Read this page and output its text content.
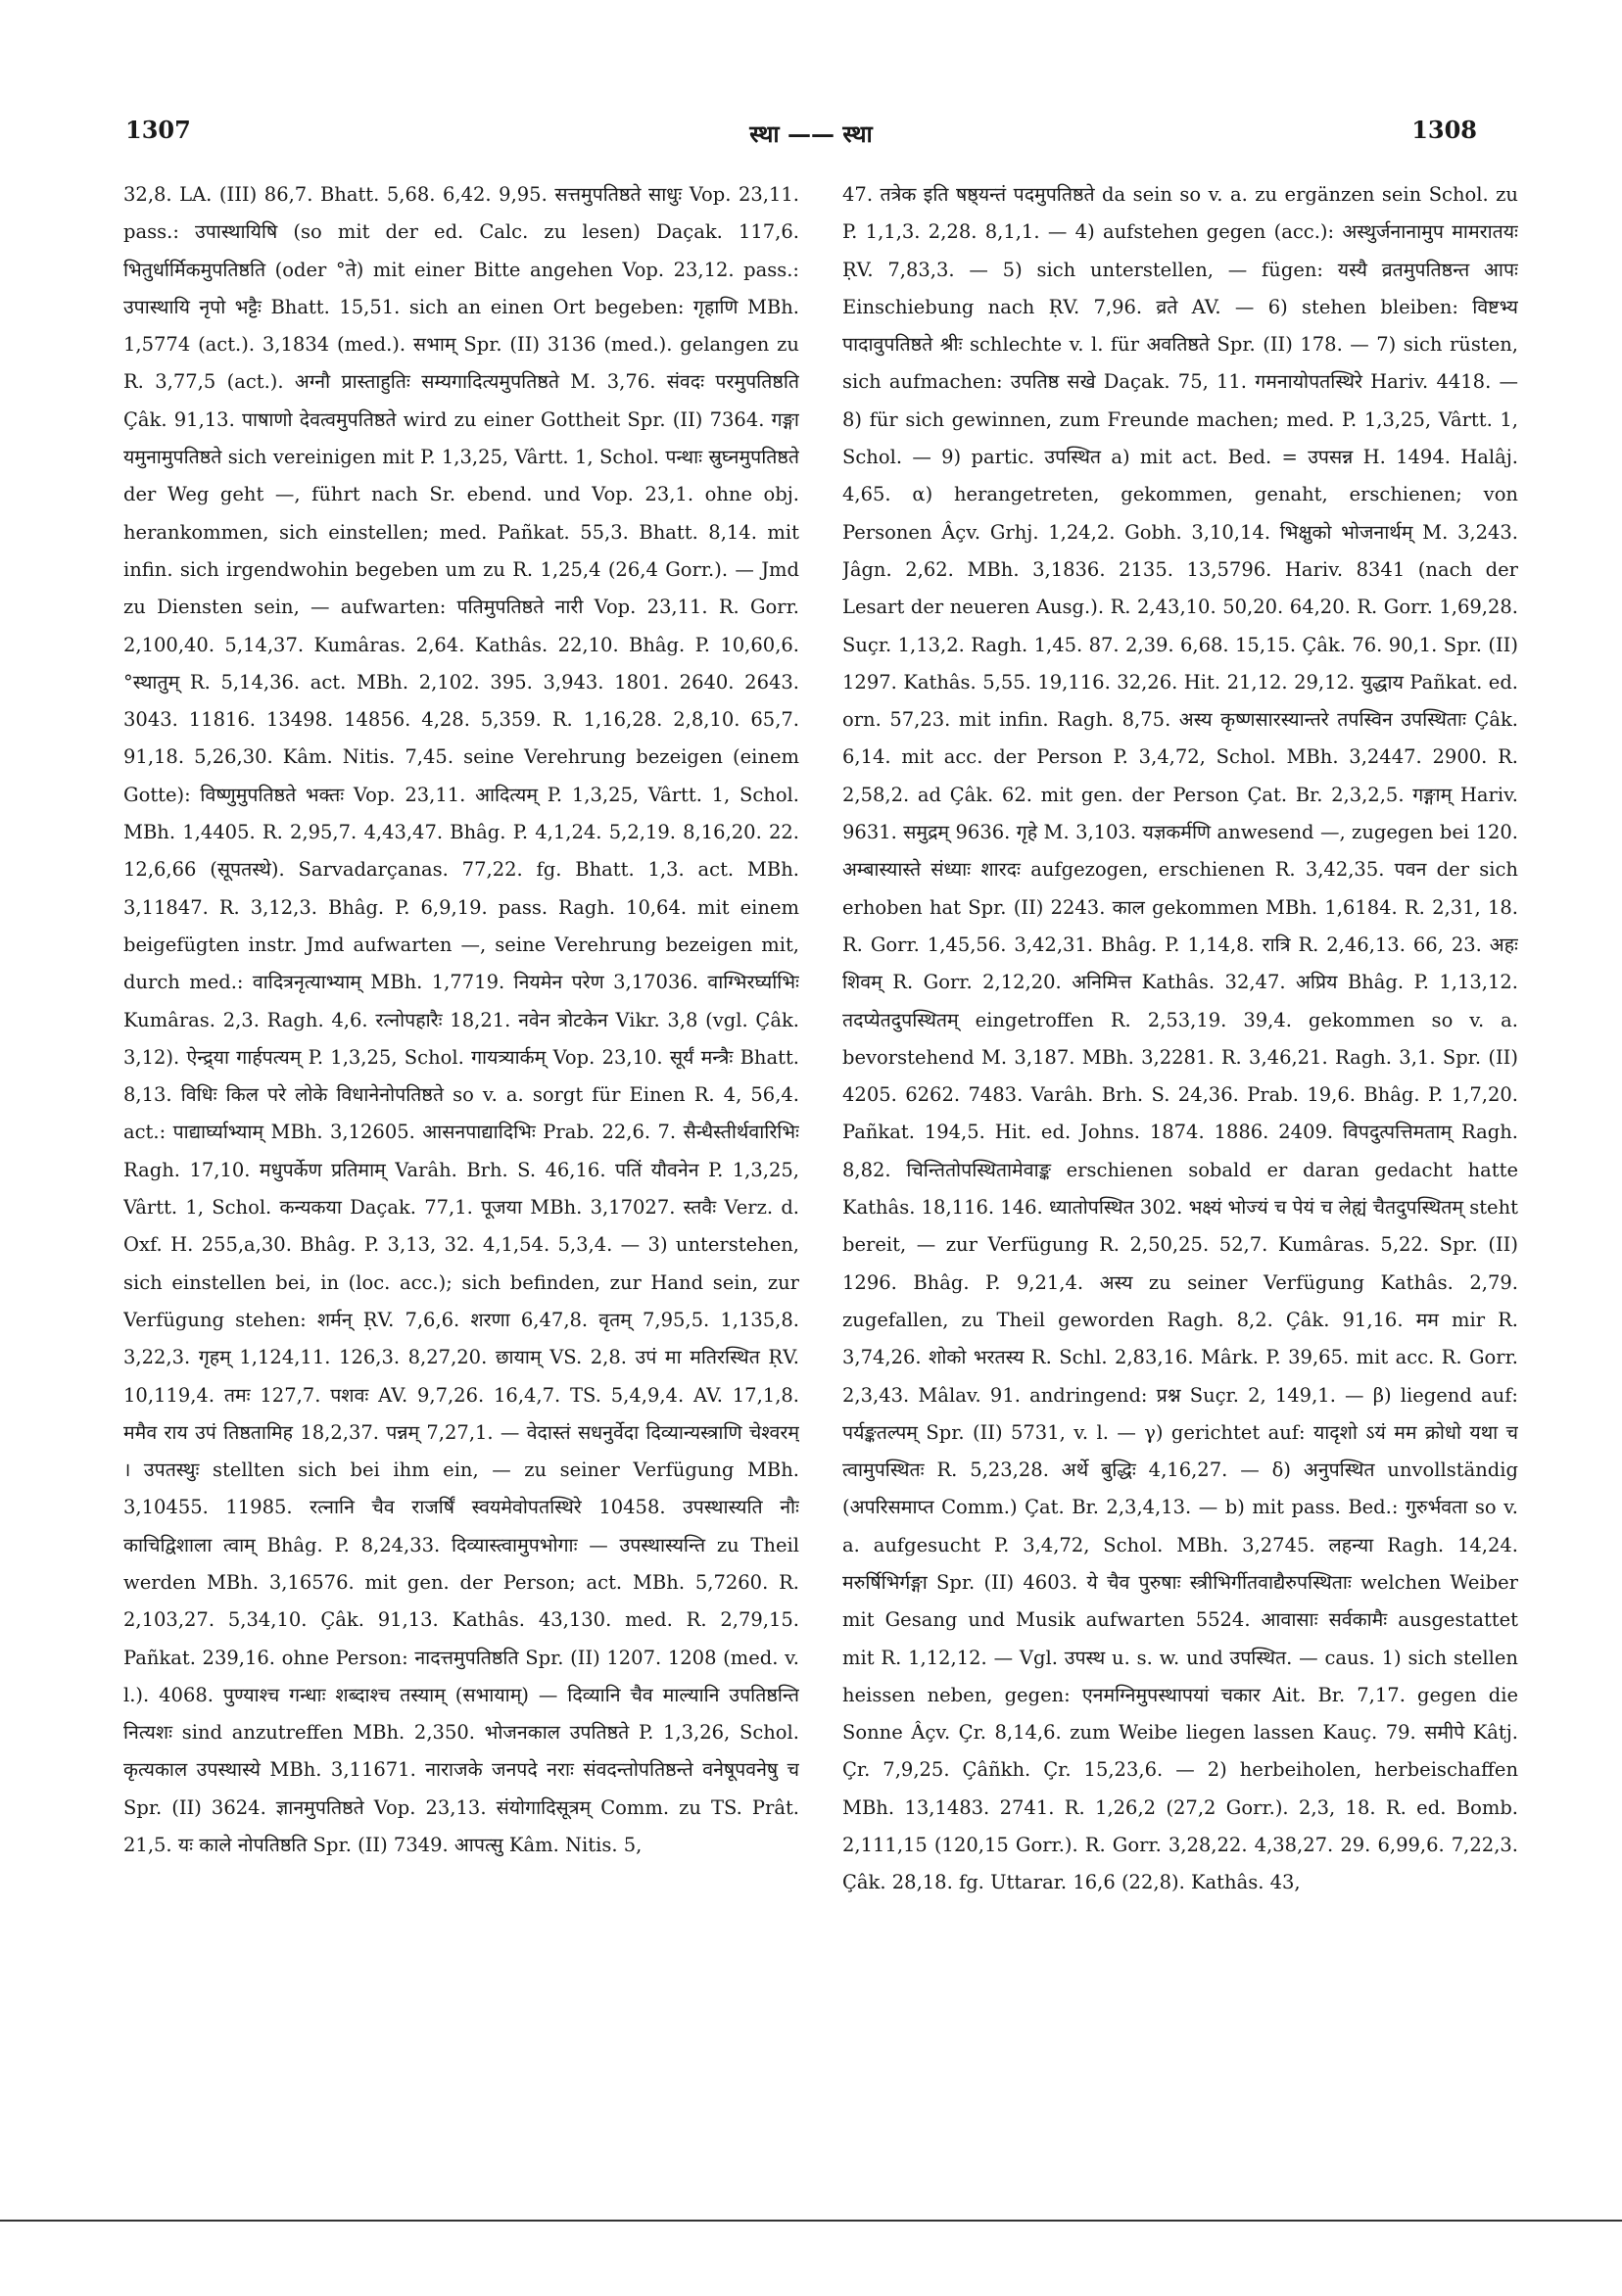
1307	स्था —— स्था	1308

32,8. LA. (III) 86,7. Bhatt. 5,68. 6,42. 9,95. सत्तमुपतिष्ठते साधुः Vop. 23,11. pass.: उपास्थायिषि (so mit der ed. Calc. zu lesen) Daçak. 117,6. भितुर्धार्मिकमुपतिष्ठति (oder °ते) mit einer Bitte angehen Vop. 23,12. pass.: उपास्थायि नृपो भट्टैः Bhatt. 15,51. sich an einen Ort begeben: गृहाणि MBh. 1,5774 (act.). 3,1834 (med.). सभाम् Spr. (II) 3136 (med.). gelangen zu R. 3,77,5 (act.). अग्नौ प्रास्ताहुतिः सम्यगादित्यमुपतिष्ठते M. 3,76. संवदः परमुपतिष्ठति Çâk. 91,13. पाषाणो देवत्वमुपतिष्ठते wird zu einer Gottheit Spr. (II) 7364. गङ्गा यमुनामुपतिष्ठते sich vereinigen mit P. 1,3,25, Vârtt. 1, Schol. पन्थाः स्रुघ्नमुपतिष्ठते der Weg geht —, führt nach Sr. ebend. und Vop. 23,1. ohne obj. herankommen, sich einstellen; med. Pañkat. 55,3. Bhatt. 8,14. mit infin. sich irgendwohin begeben um zu R. 1,25,4 (26,4 Gorr.). — Jmd zu Diensten sein, — aufwarten: पतिमुपतिष्ठते नारी Vop. 23,11. R. Gorr. 2,100,40. 5,14,37. Kumâras. 2,64. Kathâs. 22,10. Bhâg. P. 10,60,6. °स्थातुम् R. 5,14,36. act. MBh. 2,102. 395. 3,943. 1801. 2640. 2643. 3043. 11816. 13498. 14856. 4,28. 5,359. R. 1,16,28. 2,8,10. 65,7. 91,18. 5,26,30. Kâm. Nitis. 7,45. seine Verehrung bezeigen (einem Gotte): विष्णुमुपतिष्ठते भक्तः Vop. 23,11. आदित्यम् P. 1,3,25, Vârtt. 1, Schol. MBh. 1,4405. R. 2,95,7. 4,43,47. Bhâg. P. 4,1,24. 5,2,19. 8,16,20. 22. 12,6,66 (सूपतस्थे). Sarvadarçanas. 77,22. fg. Bhatt. 1,3. act. MBh. 3,11847. R. 3,12,3. Bhâg. P. 6,9,19. pass. Ragh. 10,64. mit einem beigefügten instr. Jmd aufwarten —, seine Verehrung bezeigen mit, durch med.: वादित्रनृत्याभ्याम् MBh. 1,7719. नियमेन परेण 3,17036. वाग्भिरर्घ्याभिः Kumâras. 2,3. Ragh. 4,6. रत्नोपहारैः 18,21. नवेन त्रोटकेन Vikr. 3,8 (vgl. Çâk. 3,12). ऐन्द्र्या गार्हपत्यम् P. 1,3,25, Schol. गायत्र्यार्कम् Vop. 23,10. सूर्यं मन्त्रैः Bhatt. 8,13. विधिः किल परे लोके विधानेनोपतिष्ठते so v. a. sorgt für Einen R. 4, 56,4. act.: पाद्यार्घ्याभ्याम् MBh. 3,12605. आसनपाद्यादिभिः Prab. 22,6. 7. सैन्धैस्तीर्थवारिभिः Ragh. 17,10. मधुपर्केण प्रतिमाम् Varâh. Brh. S. 46,16. पतिं यौवनेन P. 1,3,25, Vârtt. 1, Schol. कन्यकया Daçak. 77,1. पूजया MBh. 3,17027. स्तवैः Verz. d. Oxf. H. 255,a,30. Bhâg. P. 3,13, 32. 4,1,54. 5,3,4. — 3) unterstehen, sich einstellen bei, in (loc. acc.); sich befinden, zur Hand sein, zur Verfügung stehen: शर्मन् ṚV. 7,6,6. शरणा 6,47,8. वृतम् 7,95,5. 1,135,8. 3,22,3. गृहम् 1,124,11. 126,3. 8,27,20. छायाम् VS. 2,8. उपं मा मतिरस्थित ṚV. 10,119,4. तमः 127,7. पशवः AV. 9,7,26. 16,4,7. TS. 5,4,9,4. AV. 17,1,8. ममैव राय उपं तिष्ठतामिह 18,2,37. पन्नम् 7,27,1. — वेदास्तं सधनुर्वेदा दिव्यान्यस्त्राणि चेश्वरम् । उपतस्थुः stellten sich bei ihm ein, — zu seiner Verfügung MBh. 3,10455. 11985. रत्नानि चैव राजर्षिं स्वयमेवोपतस्थिरे 10458. उपस्थास्यति नौः काचिद्विशाला त्वाम् Bhâg. P. 8,24,33. दिव्यास्त्वामुपभोगाः — उपस्थास्यन्ति zu Theil werden MBh. 3,16576. mit gen. der Person; act. MBh. 5,7260. R. 2,103,27. 5,34,10. Çâk. 91,13. Kathâs. 43,130. med. R. 2,79,15. Pañkat. 239,16. ohne Person: नादत्तमुपतिष्ठति Spr. (II) 1207. 1208 (med. v. l.). 4068. पुण्याश्च गन्धाः शब्दाश्च तस्याम् (सभायाम्) — दिव्यानि चैव माल्यानि उपतिष्ठन्ति नित्यशः sind anzutreffen MBh. 2,350. भोजनकाल उपतिष्ठते P. 1,3,26, Schol. कृत्यकाल उपस्थास्ये MBh. 3,11671. नाराजके जनपदे नराः संवदन्तोपतिष्ठन्ते वनेषूपवनेषु च Spr. (II) 3624. ज्ञानमुपतिष्ठते Vop. 23,13. संयोगादिसूत्रम् Comm. zu TS. Prât. 21,5. यः काले नोपतिष्ठति Spr. (II) 7349. आपत्सु Kâm. Nitis. 5,

47. तत्रेक इति षष्ठ्यन्तं पदमुपतिष्ठते da sein so v. a. zu ergänzen sein Schol. zu P. 1,1,3. 2,28. 8,1,1. — 4) aufstehen gegen (acc.): अस्थुर्जनानामुप मामरातयः ṚV. 7,83,3. — 5) sich unterstellen, — fügen: यस्यै व्रतमुपतिष्ठन्त आपः Einschiebung nach ṚV. 7,96. व्रते AV. — 6) stehen bleiben: विष्टभ्य पादावुपतिष्ठते श्रीः schlechte v. l. für अवतिष्ठते Spr. (II) 178. — 7) sich rüsten, sich aufmachen: उपतिष्ठ सखे Daçak. 75, 11. गमनायोपतस्थिरे Hariv. 4418. — 8) für sich gewinnen, zum Freunde machen; med. P. 1,3,25, Vârtt. 1, Schol. — 9) partic. उपस्थित a) mit act. Bed. = उपसन्न H. 1494. Halâj. 4,65. α) herangetreten, gekommen, genaht, erschienen; von Personen Âçv. Grhj. 1,24,2. Gobh. 3,10,14. भिक्षुको भोजनार्थम् M. 3,243. Jâgn. 2,62. MBh. 3,1836. 2135. 13,5796. Hariv. 8341 (nach der Lesart der neueren Ausg.). R. 2,43,10. 50,20. 64,20. R. Gorr. 1,69,28. Suçr. 1,13,2. Ragh. 1,45. 87. 2,39. 6,68. 15,15. Çâk. 76. 90,1. Spr. (II) 1297. Kathâs. 5,55. 19,116. 32,26. Hit. 21,12. 29,12. युद्धाय Pañkat. ed. orn. 57,23. mit infin. Ragh. 8,75. अस्य कृष्णसारस्यान्तरे तपस्विन उपस्थिताः Çâk. 6,14. mit acc. der Person P. 3,4,72, Schol. MBh. 3,2447. 2900. R. 2,58,2. ad Çâk. 62. mit gen. der Person Çat. Br. 2,3,2,5. गङ्गाम् Hariv. 9631. समुद्रम् 9636. गृहे M. 3,103. यज्ञकर्मणि anwesend —, zugegen bei 120. अम्बास्यास्ते संध्याः शारदः aufgezogen, erschienen R. 3,42,35. पवन der sich erhoben hat Spr. (II) 2243. काल gekommen MBh. 1,6184. R. 2,31, 18. R. Gorr. 1,45,56. 3,42,31. Bhâg. P. 1,14,8. रात्रि R. 2,46,13. 66, 23. अहः शिवम् R. Gorr. 2,12,20. अनिमित्त Kathâs. 32,47. अप्रिय Bhâg. P. 1,13,12. तदप्येतदुपस्थितम् eingetroffen R. 2,53,19. 39,4. gekommen so v. a. bevorstehend M. 3,187. MBh. 3,2281. R. 3,46,21. Ragh. 3,1. Spr. (II) 4205. 6262. 7483. Varâh. Brh. S. 24,36. Prab. 19,6. Bhâg. P. 1,7,20. Pañkat. 194,5. Hit. ed. Johns. 1874. 1886. 2409. विपदुत्पत्तिमताम् Ragh. 8,82. चिन्तितोपस्थितामेवाङ्क erschienen sobald er daran gedacht hatte Kathâs. 18,116. 146. ध्यातोपस्थित 302. भक्ष्यं भोज्यं च पेयं च लेह्यं चैतदुपस्थितम् steht bereit, — zur Verfügung R. 2,50,25. 52,7. Kumâras. 5,22. Spr. (II) 1296. Bhâg. P. 9,21,4. अस्य zu seiner Verfügung Kathâs. 2,79. zugefallen, zu Theil geworden Ragh. 8,2. Çâk. 91,16. मम mir R. 3,74,26. शोको भरतस्य R. Schl. 2,83,16. Mârk. P. 39,65. mit acc. R. Gorr. 2,3,43. Mâlav. 91. andringend: प्रश्न Suçr. 2, 149,1. — β) liegend auf: पर्यङ्कतल्पम् Spr. (II) 5731, v. l. — γ) gerichtet auf: यादृशो ऽयं मम क्रोधो यथा च त्वामुपस्थितः R. 5,23,28. अर्थे बुद्धिः 4,16,27. — δ) अनुपस्थित unvollständig (अपरिसमाप्त Comm.) Çat. Br. 2,3,4,13. — b) mit pass. Bed.: गुरुर्भवता so v. a. aufgesucht P. 3,4,72, Schol. MBh. 3,2745. लहन्या Ragh. 14,24. मरुर्षिभिर्गङ्गा Spr. (II) 4603. ये चैव पुरुषाः स्त्रीभिर्गीतवाद्यैरुपस्थिताः welchen Weiber mit Gesang und Musik aufwarten 5524. आवासाः सर्वकामैः ausgestattet mit R. 1,12,12. — Vgl. उपस्थ u. s. w. und उपस्थित. — caus. 1) sich stellen heissen neben, gegen: एनमग्निमुपस्थापयां चकार Ait. Br. 7,17. gegen die Sonne Âçv. Çr. 8,14,6. zum Weibe liegen lassen Kauç. 79. समीपे Kâtj. Çr. 7,9,25. Çâñkh. Çr. 15,23,6. — 2) herbeiholen, herbeischaffen MBh. 13,1483. 2741. R. 1,26,2 (27,2 Gorr.). 2,3, 18. R. ed. Bomb. 2,111,15 (120,15 Gorr.). R. Gorr. 3,28,22. 4,38,27. 29. 6,99,6. 7,22,3. Çâk. 28,18. fg. Uttarar. 16,6 (22,8). Kathâs. 43,
